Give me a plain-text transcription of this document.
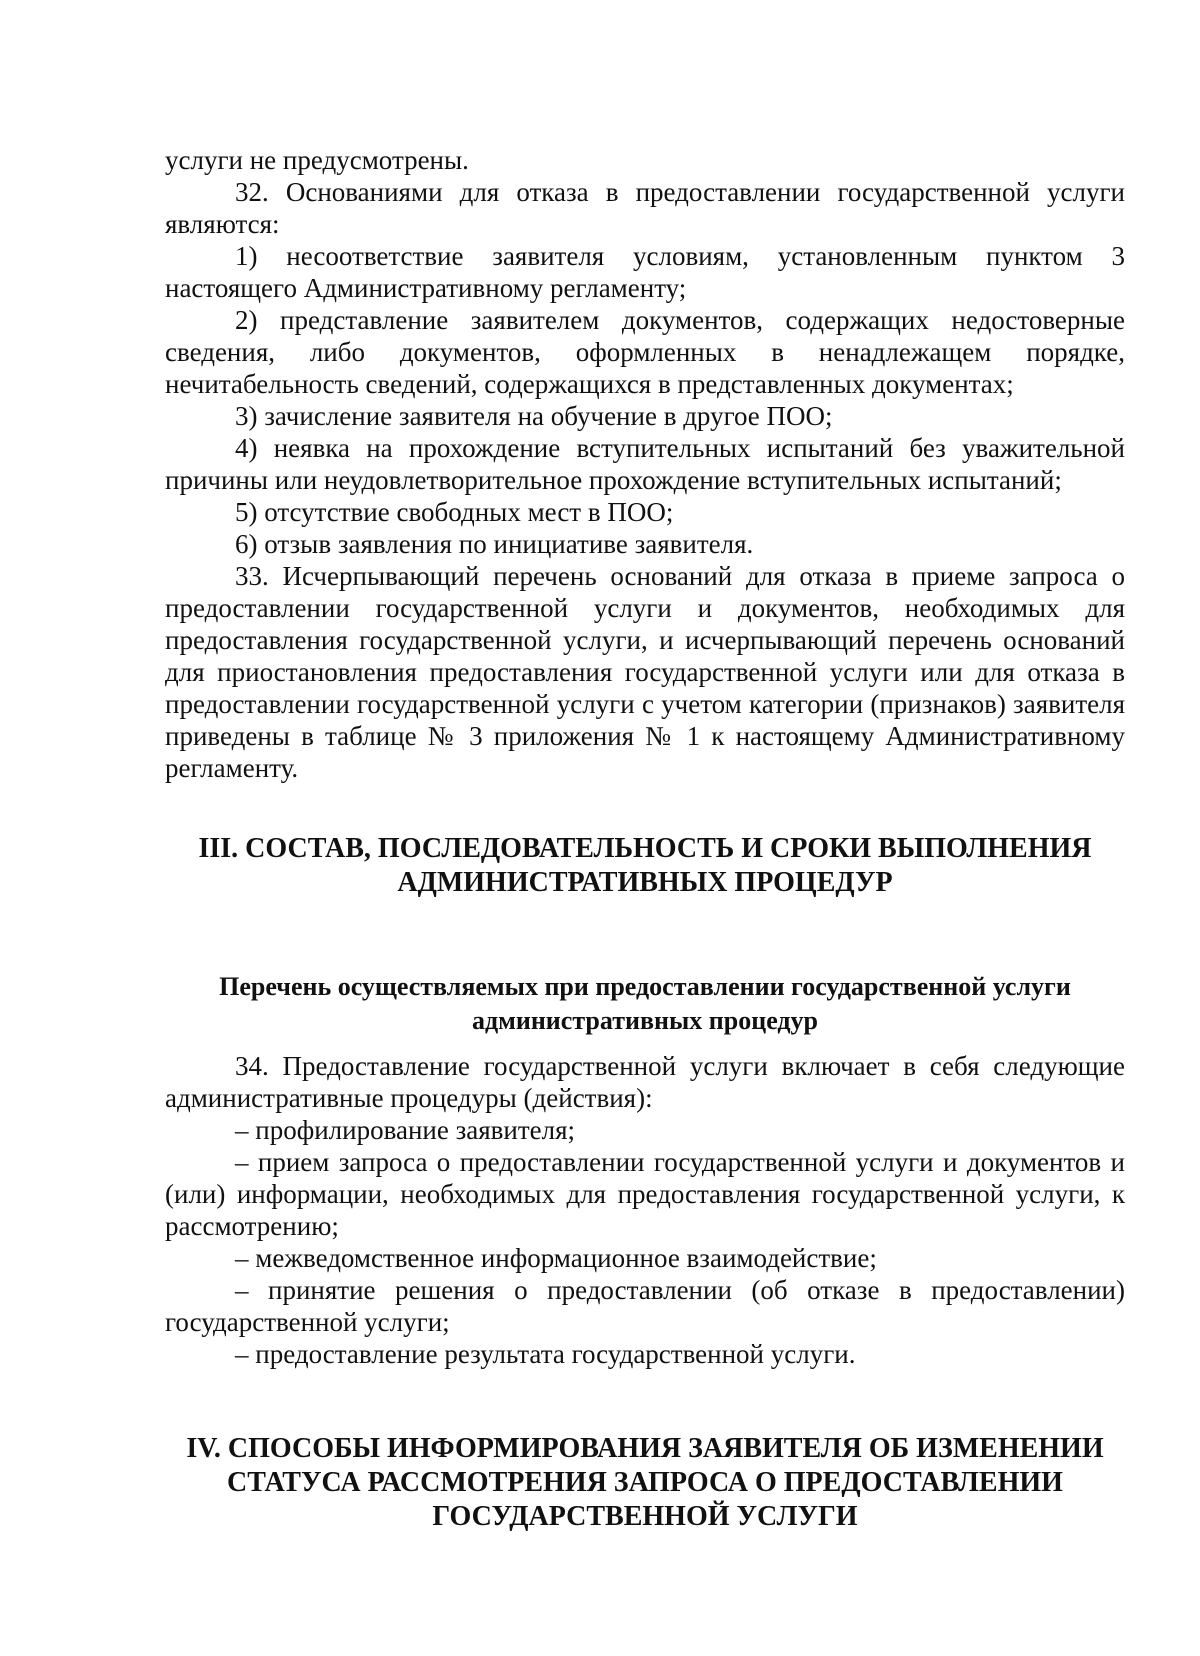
услуги не предусмотрены.

32. Основаниями для отказа в предоставлении государственной услуги являются:

1) несоответствие заявителя условиям, установленным пунктом 3 настоящего Административному регламенту;

2) представление заявителем документов, содержащих недостоверные сведения, либо документов, оформленных в ненадлежащем порядке, нечитабельность сведений, содержащихся в представленных документах;

3) зачисление заявителя на обучение в другое ПОО;

4) неявка на прохождение вступительных испытаний без уважительной причины или неудовлетворительное прохождение вступительных испытаний;

5) отсутствие свободных мест в ПОО;

6) отзыв заявления по инициативе заявителя.

33. Исчерпывающий перечень оснований для отказа в приеме запроса о предоставлении государственной услуги и документов, необходимых для предоставления государственной услуги, и исчерпывающий перечень оснований для приостановления предоставления государственной услуги или для отказа в предоставлении государственной услуги с учетом категории (признаков) заявителя приведены в таблице № 3 приложения № 1 к настоящему Административному регламенту.

III. СОСТАВ, ПОСЛЕДОВАТЕЛЬНОСТЬ И СРОКИ ВЫПОЛНЕНИЯ
АДМИНИСТРАТИВНЫХ ПРОЦЕДУР
Перечень осуществляемых при предоставлении государственной услуги
административных процедур

34. Предоставление государственной услуги включает в себя следующие административные процедуры (действия):

– профилирование заявителя;

– прием запроса о предоставлении государственной услуги и документов и (или) информации, необходимых для предоставления государственной услуги, к рассмотрению;

– межведомственное информационное взаимодействие;

– принятие решения о предоставлении (об отказе в предоставлении) государственной услуги;

– предоставление результата государственной услуги.

IV. СПОСОБЫ ИНФОРМИРОВАНИЯ ЗАЯВИТЕЛЯ ОБ ИЗМЕНЕНИИ
СТАТУСА РАССМОТРЕНИЯ ЗАПРОСА О ПРЕДОСТАВЛЕНИИ
ГОСУДАРСТВЕННОЙ УСЛУГИ
